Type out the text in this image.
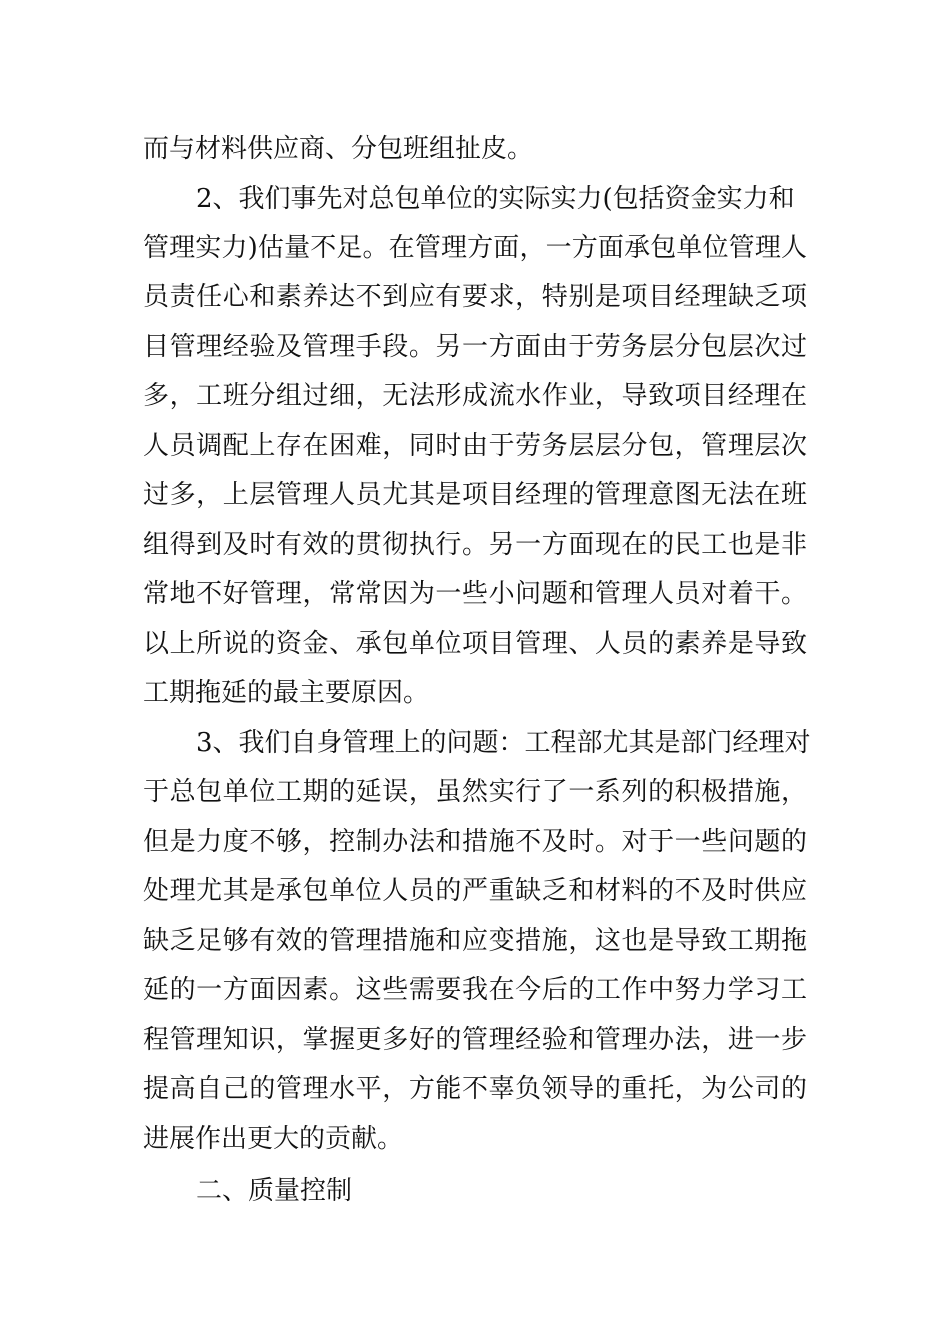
而与材料供应商、分包班组扯皮。
2、我们事先对总包单位的实际实力(包括资金实力和
管理实力)估量不足。在管理方面，一方面承包单位管理人
员责任心和素养达不到应有要求，特别是项目经理缺乏项
目管理经验及管理手段。另一方面由于劳务层分包层次过
多，工班分组过细，无法形成流水作业，导致项目经理在
人员调配上存在困难，同时由于劳务层层分包，管理层次
过多，上层管理人员尤其是项目经理的管理意图无法在班
组得到及时有效的贯彻执行。另一方面现在的民工也是非
常地不好管理，常常因为一些小问题和管理人员对着干。
以上所说的资金、承包单位项目管理、人员的素养是导致
工期拖延的最主要原因。
3、我们自身管理上的问题：工程部尤其是部门经理对
于总包单位工期的延误，虽然实行了一系列的积极措施，
但是力度不够，控制办法和措施不及时。对于一些问题的
处理尤其是承包单位人员的严重缺乏和材料的不及时供应
缺乏足够有效的管理措施和应变措施，这也是导致工期拖
延的一方面因素。这些需要我在今后的工作中努力学习工
程管理知识，掌握更多好的管理经验和管理办法，进一步
提高自己的管理水平，方能不辜负领导的重托，为公司的
进展作出更大的贡献。
二、质量控制
